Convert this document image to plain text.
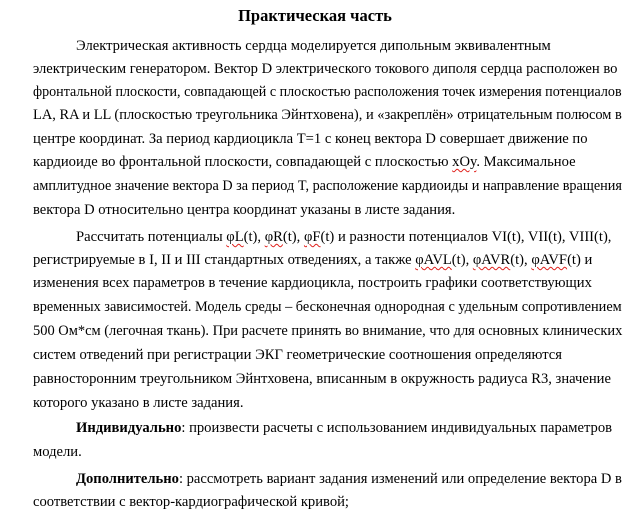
Практическая часть
Электрическая активность сердца моделируется дипольным эквивалентным
электрическим генератором. Вектор D электрического токового диполя сердца расположен во
фронтальной плоскости, совпадающей с плоскостью расположения точек измерения потенциалов
LA, RA и LL (плоскостью треугольника Эйнтховена), и «закреплён» отрицательным полюсом в
центре координат. За период кардиоцикла T=1 с конец вектора D совершает движение по
кардиоиде во фронтальной плоскости, совпадающей с плоскостью xOy. Максимальное
амплитудное значение вектора D за период T, расположение кардиоиды и направление вращения
вектора D относительно центра координат указаны в листе задания.
Рассчитать потенциалы φL(t), φR(t), φF(t) и разности потенциалов VI(t), VII(t), VIII(t),
регистрируемые в I, II и III стандартных отведениях, а также φAVL(t), φAVR(t), φAVF(t) и
изменения всех параметров в течение кардиоцикла, построить графики соответствующих
временных зависимостей. Модель среды – бесконечная однородная с удельным сопротивлением
500 Ом*см (легочная ткань). При расчете принять во внимание, что для основных клинических
систем отведений при регистрации ЭКГ геометрические соотношения определяются
равносторонним треугольником Эйнтховена, вписанным в окружность радиуса R3, значение
которого указано в листе задания.
Индивидуально: произвести расчеты с использованием индивидуальных параметров
модели.
Дополнительно: рассмотреть вариант задания изменений или определение вектора D в
соответствии с вектор-кардиографической кривой;
